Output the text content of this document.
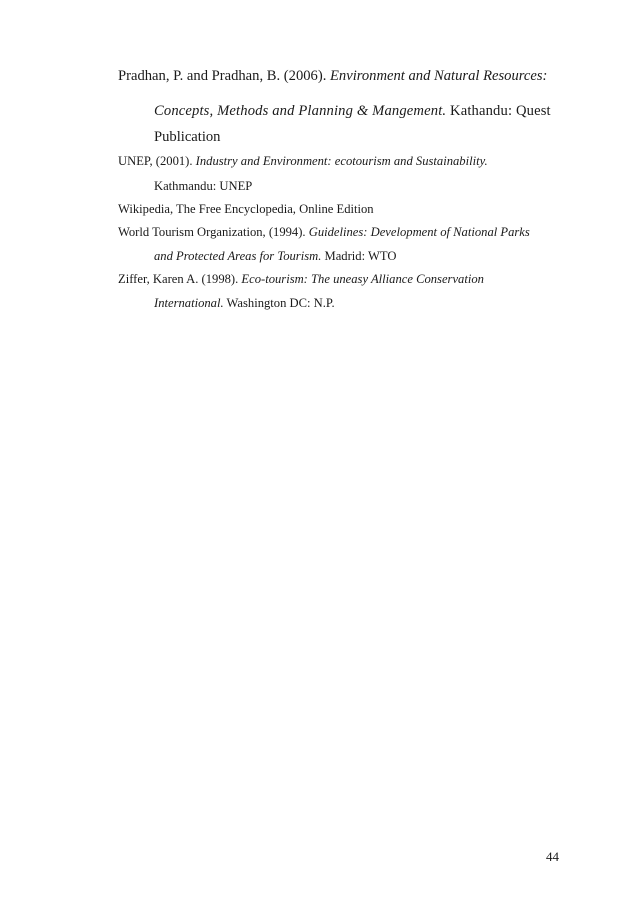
Pradhan, P. and Pradhan, B. (2006). Environment and Natural Resources:
Concepts, Methods and Planning & Mangement. Kathandu: Quest
Publication
UNEP, (2001). Industry and Environment: ecotourism and Sustainability.
Kathmandu: UNEP
Wikipedia, The Free Encyclopedia, Online Edition
World Tourism Organization, (1994). Guidelines: Development of National Parks
and Protected Areas for Tourism. Madrid: WTO
Ziffer, Karen A. (1998). Eco-tourism: The uneasy Alliance Conservation
International. Washington DC: N.P.
44
